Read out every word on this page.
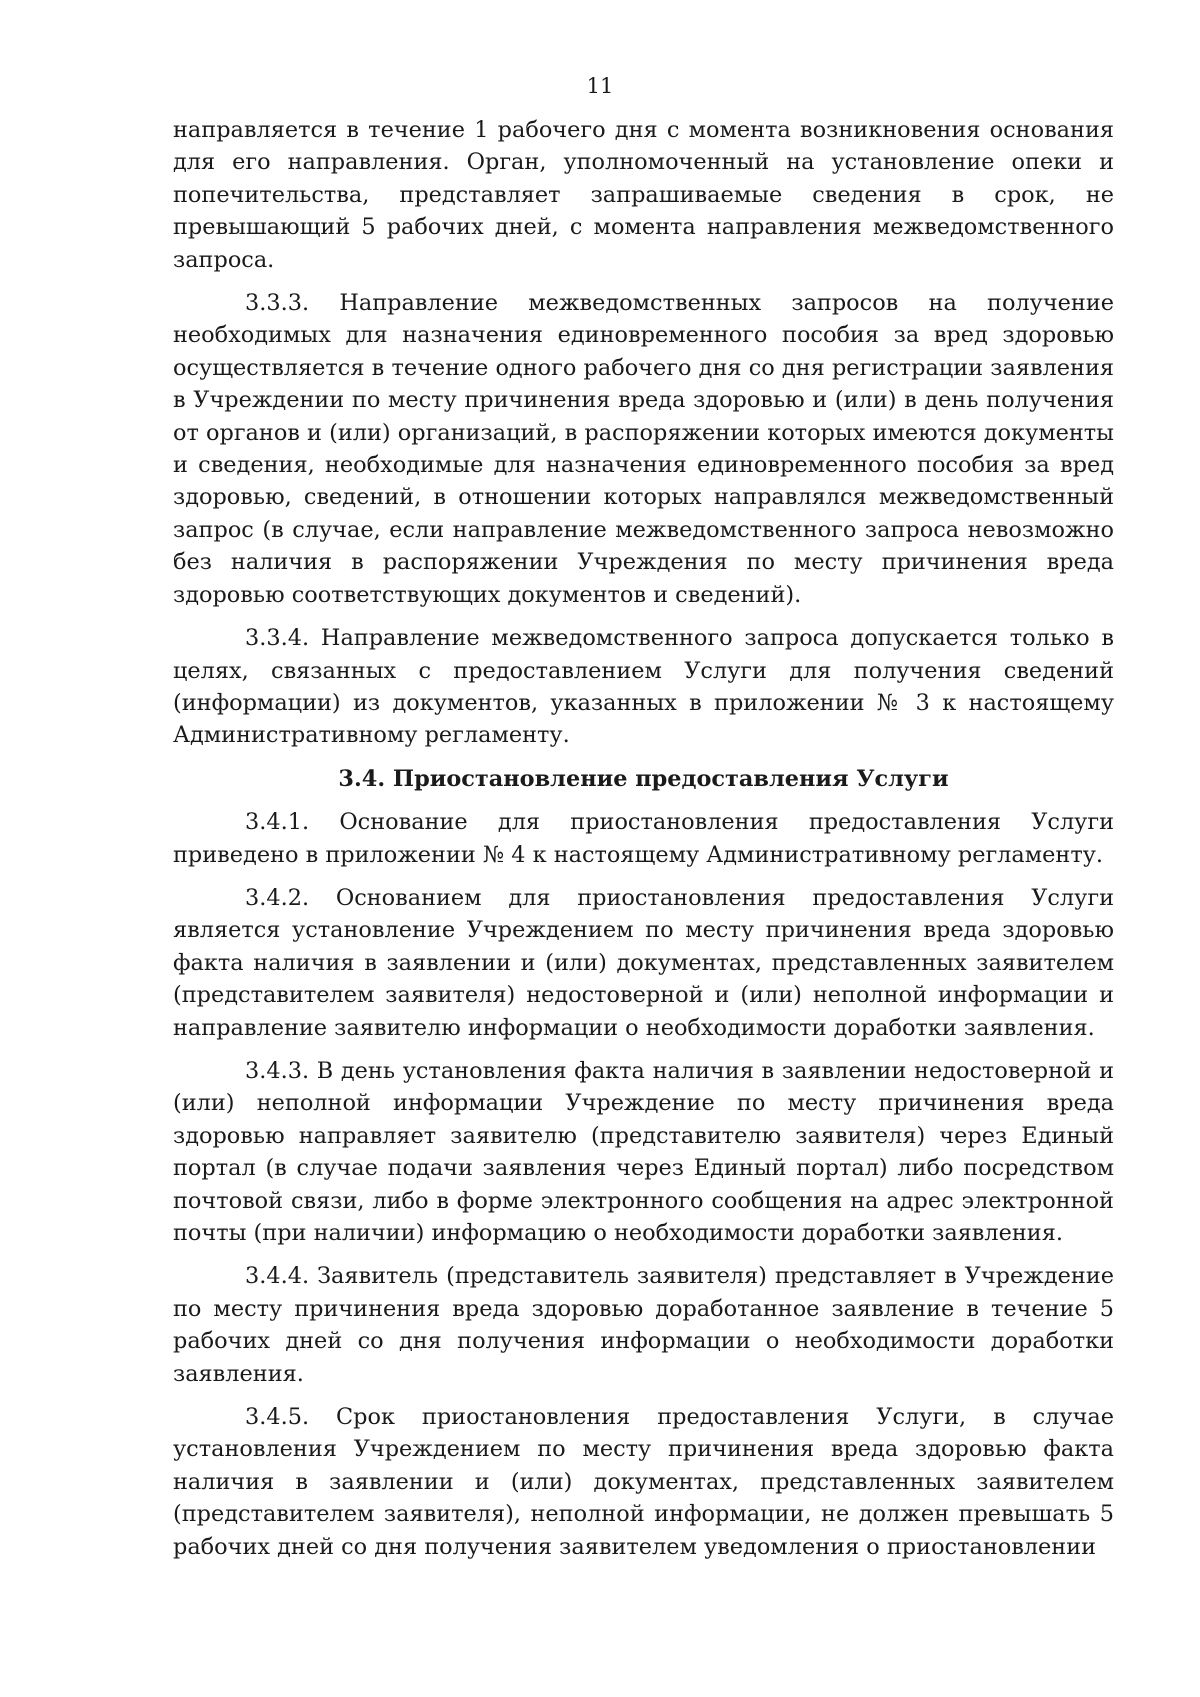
11

направляется в течение 1 рабочего дня с момента возникновения основания для его направления. Орган, уполномоченный на установление опеки и попечительства, представляет запрашиваемые сведения в срок, не превышающий 5 рабочих дней, с момента направления межведомственного запроса.

3.3.3. Направление межведомственных запросов на получение необходимых для назначения единовременного пособия за вред здоровью осуществляется в течение одного рабочего дня со дня регистрации заявления в Учреждении по месту причинения вреда здоровью и (или) в день получения от органов и (или) организаций, в распоряжении которых имеются документы и сведения, необходимые для назначения единовременного пособия за вред здоровью, сведений, в отношении которых направлялся межведомственный запрос (в случае, если направление межведомственного запроса невозможно без наличия в распоряжении Учреждения по месту причинения вреда здоровью соответствующих документов и сведений).

3.3.4. Направление межведомственного запроса допускается только в целях, связанных с предоставлением Услуги для получения сведений (информации) из документов, указанных в приложении № 3 к настоящему Административному регламенту.

3.4. Приостановление предоставления Услуги

3.4.1. Основание для приостановления предоставления Услуги приведено в приложении № 4 к настоящему Административному регламенту.

3.4.2. Основанием для приостановления предоставления Услуги является установление Учреждением по месту причинения вреда здоровью факта наличия в заявлении и (или) документах, представленных заявителем (представителем заявителя) недостоверной и (или) неполной информации и направление заявителю информации о необходимости доработки заявления.

3.4.3. В день установления факта наличия в заявлении недостоверной и (или) неполной информации Учреждение по месту причинения вреда здоровью направляет заявителю (представителю заявителя) через Единый портал (в случае подачи заявления через Единый портал) либо посредством почтовой связи, либо в форме электронного сообщения на адрес электронной почты (при наличии) информацию о необходимости доработки заявления.

3.4.4. Заявитель (представитель заявителя) представляет в Учреждение по месту причинения вреда здоровью доработанное заявление в течение 5 рабочих дней со дня получения информации о необходимости доработки заявления.

3.4.5. Срок приостановления предоставления Услуги, в случае установления Учреждением по месту причинения вреда здоровью факта наличия в заявлении и (или) документах, представленных заявителем (представителем заявителя), неполной информации, не должен превышать 5 рабочих дней со дня получения заявителем уведомления о приостановлении
